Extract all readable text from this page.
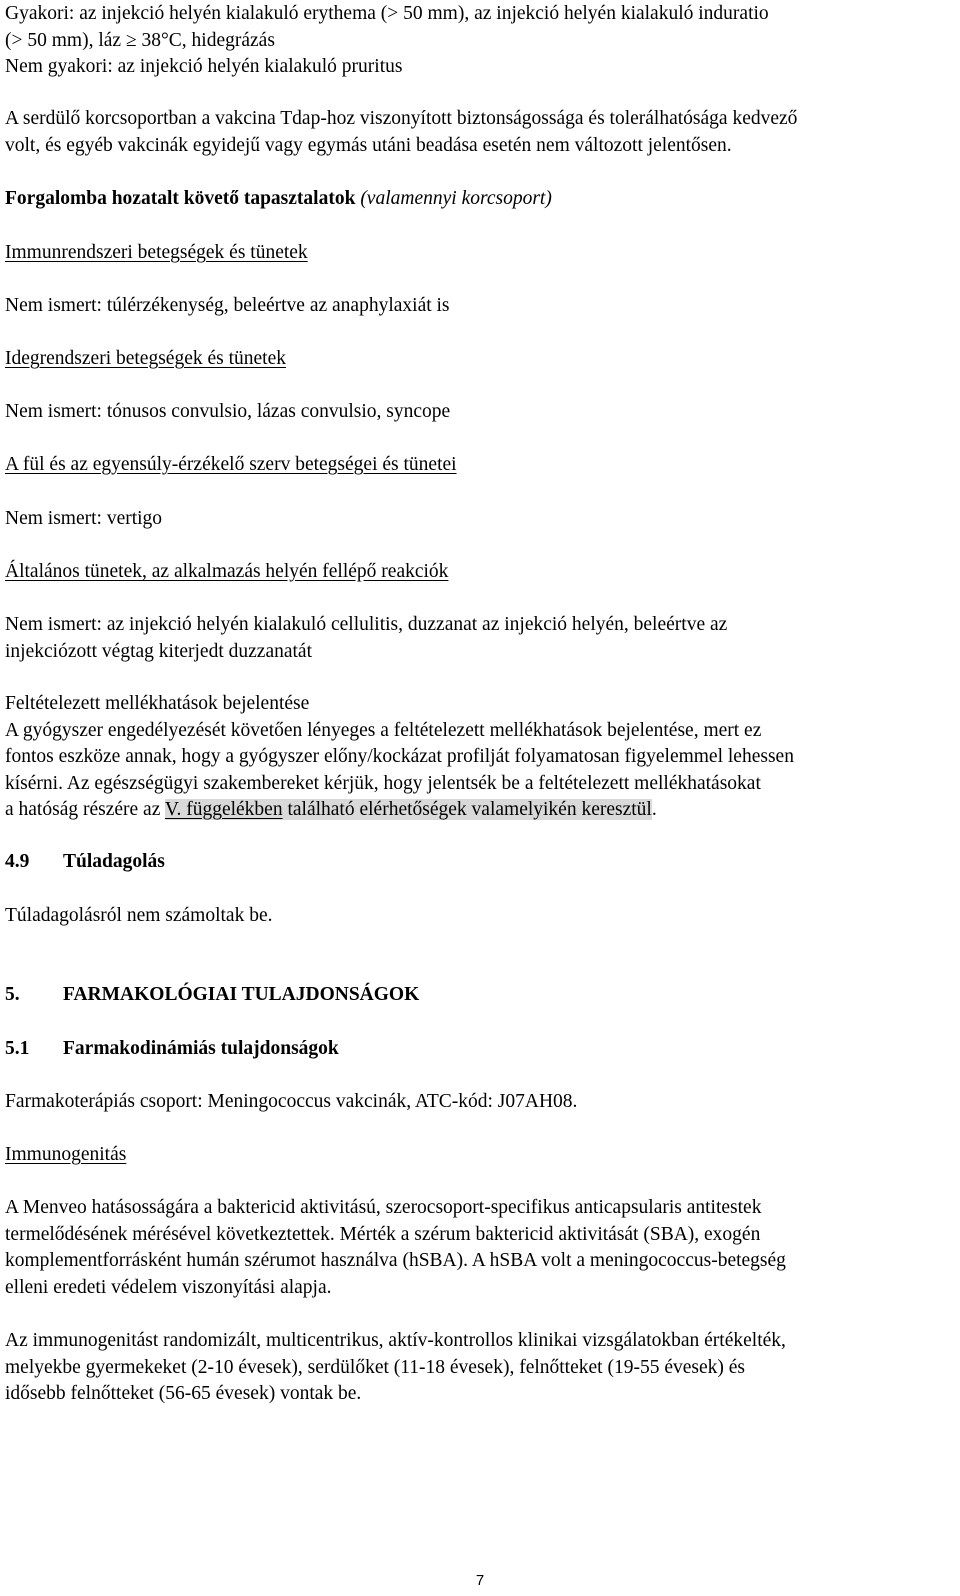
Gyakori: az injekció helyén kialakuló erythema (> 50 mm), az injekció helyén kialakuló induratio
(> 50 mm), láz ≥ 38°C, hidegrázás
Nem gyakori: az injekció helyén kialakuló pruritus
A serdülő korcsoportban a vakcina Tdap-hoz viszonyított biztonságossága és tolerálhatósága kedvező
volt, és egyéb vakcinák egyidejű vagy egymás utáni beadása esetén nem változott jelentősen.
Forgalomba hozatalt követő tapasztalatok (valamennyi korcsoport)
Immunrendszeri betegségek és tünetek
Nem ismert: túlérzékenység, beleértve az anaphylaxiát is
Idegrendszeri betegségek és tünetek
Nem ismert: tónusos convulsio, lázas convulsio, syncope
A fül és az egyensúly-érzékelő szerv betegségei és tünetei
Nem ismert: vertigo
Általános tünetek, az alkalmazás helyén fellépő reakciók
Nem ismert: az injekció helyén kialakuló cellulitis, duzzanat az injekció helyén, beleértve az
injekciózott végtag kiterjedt duzzanatát
Feltételezett mellékhatások bejelentése
A gyógyszer engedélyezését követően lényeges a feltételezett mellékhatások bejelentése, mert ez
fontos eszköze annak, hogy a gyógyszer előny/kockázat profilját folyamatosan figyelemmel lehessen
kísérni. Az egészségügyi szakembereket kérjük, hogy jelentsék be a feltételezett mellékhatásokat
a hatóság részére az V. függelékben található elérhetőségek valamelyikén keresztül.
4.9 Túladagolás
Túladagolásról nem számoltak be.
5. FARMAKOLÓGIAI TULAJDONSÁGOK
5.1 Farmakodinámiás tulajdonságok
Farmakoterápiás csoport: Meningococcus vakcinák, ATC-kód: J07AH08.
Immunogenitás
A Menveo hatásosságára a baktericid aktivitású, szerocsoport-specifikus anticapsularis antitestek
termelődésének mérésével következtettek. Mérték a szérum baktericid aktivitását (SBA), exogén
komplementforrásként humán szérumot használva (hSBA). A hSBA volt a meningococcus-betegség
elleni eredeti védelem viszonyítási alapja.
Az immunogenitást randomizált, multicentrikus, aktív-kontrollos klinikai vizsgálatokban értékelték,
melyekbe gyermekeket (2-10 évesek), serdülőket (11-18 évesek), felnőtteket (19-55 évesek) és
idősebb felnőtteket (56-65 évesek) vontak be.
7
